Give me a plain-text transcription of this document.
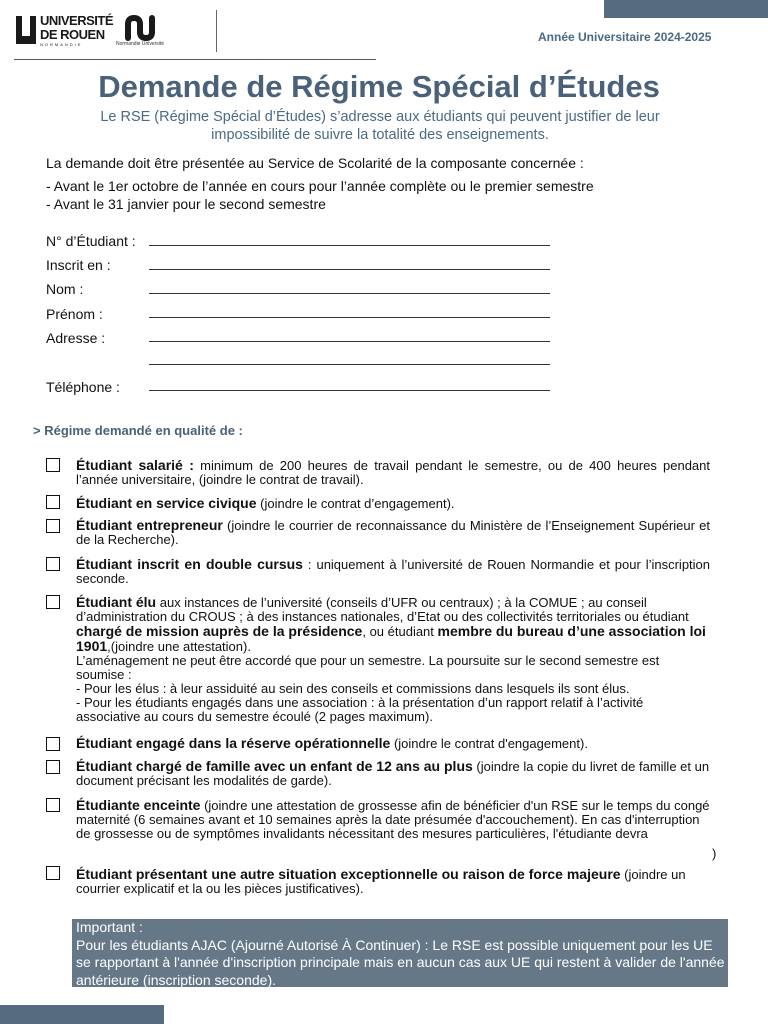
UNIVERSITÉ
DE ROUEN
NORMANDIE	Normandie Université	Année Universitaire 2024-2025
Demande de Régime Spécial d’Études
Le RSE (Régime Spécial d’Études) s’adresse aux étudiants qui peuvent justifier de leur impossibilité de suivre la totalité des enseignements.
La demande doit être présentée au Service de Scolarité de la composante concernée :
- Avant le 1er octobre de l’année en cours pour l’année complète ou le premier semestre
- Avant le 31 janvier pour le second semestre
N° d’Étudiant :
Inscrit en :
Nom :
Prénom :
Adresse :
Téléphone :
> Régime demandé en qualité de :
Étudiant salarié : minimum de 200 heures de travail pendant le semestre, ou de 400 heures pendant l’année universitaire, (joindre le contrat de travail).
Étudiant en service civique (joindre le contrat d’engagement).
Étudiant entrepreneur (joindre le courrier de reconnaissance du Ministère de l’Enseignement Supérieur et de la Recherche).
Étudiant inscrit en double cursus : uniquement à l’université de Rouen Normandie et pour l’inscription seconde.
Étudiant élu aux instances de l’université (conseils d’UFR ou centraux) ; à la COMUE ; au conseil d’administration du CROUS ; à des instances nationales, d’Etat ou des collectivités territoriales ou étudiant chargé de mission auprès de la présidence, ou étudiant membre du bureau d’une association loi 1901,(joindre une attestation).
L’aménagement ne peut être accordé que pour un semestre. La poursuite sur le second semestre est soumise :
- Pour les élus : à leur assiduité au sein des conseils et commissions dans lesquels ils sont élus.
- Pour les étudiants engagés dans une association : à la présentation d’un rapport relatif à l’activité associative au cours du semestre écoulé (2 pages maximum).
Étudiant engagé dans la réserve opérationnelle (joindre le contrat d'engagement).
Étudiant chargé de famille avec un enfant de 12 ans au plus (joindre la copie du livret de famille et un document précisant les modalités de garde).
Étudiante enceinte (joindre une attestation de grossesse afin de bénéficier d'un RSE sur le temps du congé maternité (6 semaines avant et 10 semaines après la date présumée d'accouchement). En cas d'interruption de grossesse ou de symptômes invalidants nécessitant des mesures particulières, l'étudiante devra
)
Étudiant présentant une autre situation exceptionnelle ou raison de force majeure (joindre un courrier explicatif et la ou les pièces justificatives).
Important :
Pour les étudiants AJAC (Ajourné Autorisé À Continuer) : Le RSE est possible uniquement pour les UE se rapportant à l'année d'inscription principale mais en aucun cas aux UE qui restent à valider de l'année antérieure (inscription seconde).
